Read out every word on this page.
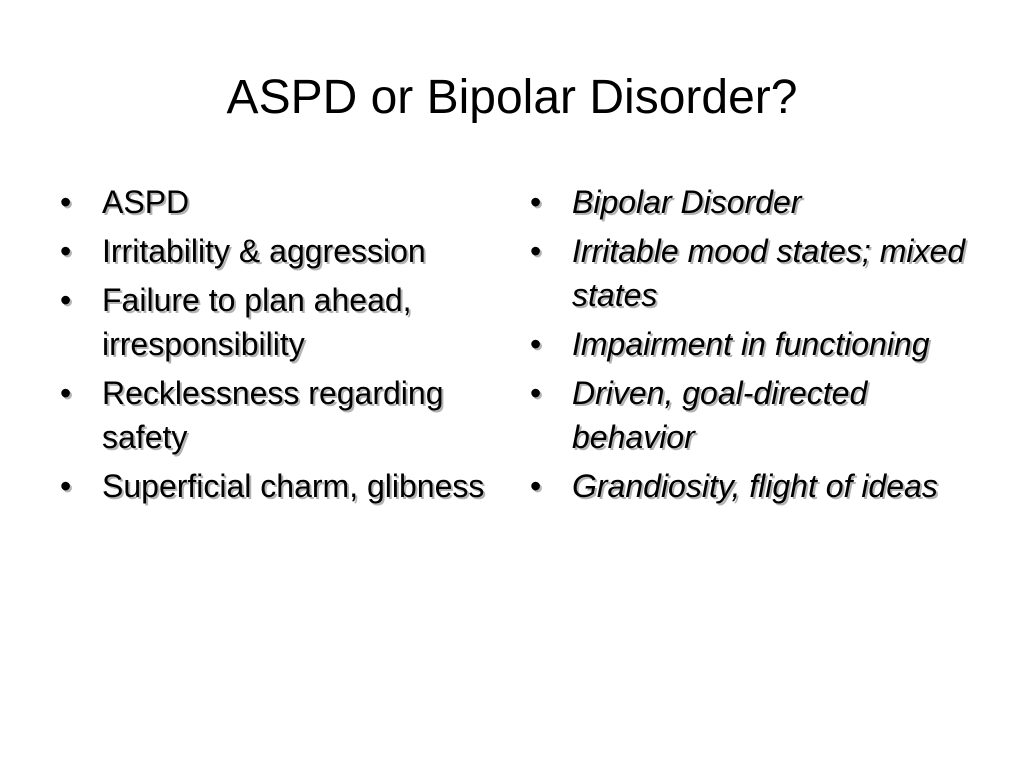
ASPD or Bipolar Disorder?
• ASPD
• Irritability & aggression
• Failure to plan ahead, irresponsibility
• Recklessness regarding safety
• Superficial charm, glibness
• Bipolar Disorder
• Irritable mood states; mixed states
• Impairment in functioning
• Driven, goal-directed behavior
• Grandiosity, flight of ideas
